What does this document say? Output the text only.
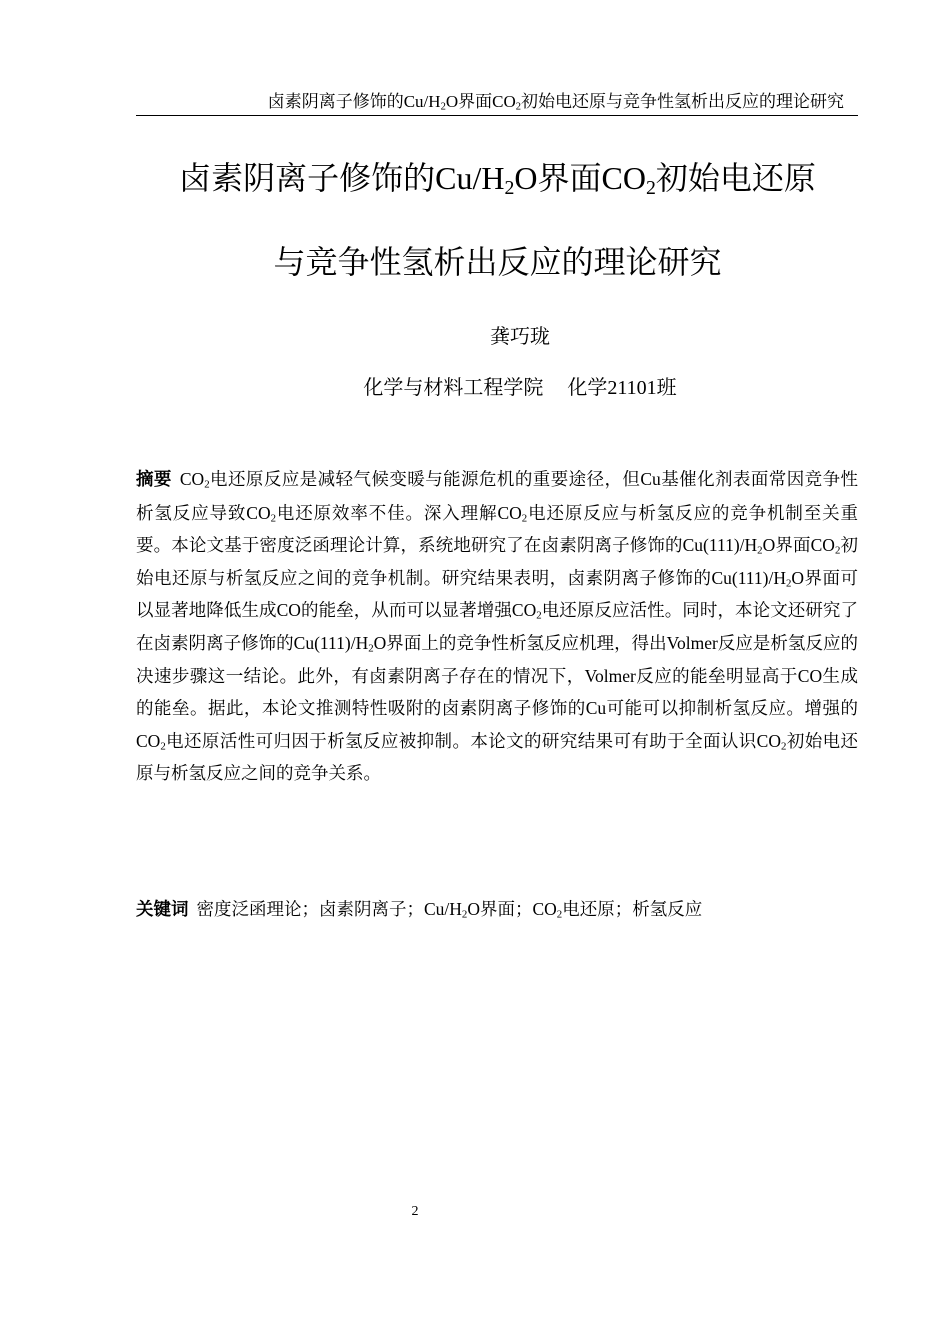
卤素阴离子修饰的$Cu/H_2O$界面$CO_2$初始电还原与竞争性氢析出反应的理论研究
卤素阴离子修饰的$Cu/H_2O$界面$CO_2$初始电还原
与竞争性氢析出反应的理论研究
龚巧珑
化学与材料工程学院 化学21101班

摘要 $CO_2$电还原反应是减轻气候变暖与能源危机的重要途径，但Cu基催化剂表面常因竞争性析氢反应导致$CO_2$电还原效率不佳。深入理解$CO_2$电还原反应与析氢反应的竞争机制至关重要。本论文基于密度泛函理论计算，系统地研究了在卤素阴离子修饰的$Cu(111)/H_2O$界面$CO_2$初始电还原与析氢反应之间的竞争机制。研究结果表明，卤素阴离子修饰的$Cu(111)/H_2O$界面可以显著地降低生成CO的能垒，从而可以显著增强$CO_2$电还原反应活性。同时，本论文还研究了在卤素阴离子修饰的$Cu(111)/H_2O$界面上的竞争性析氢反应机理，得出Volmer反应是析氢反应的决速步骤这一结论。此外，有卤素阴离子存在的情况下，Volmer反应的能垒明显高于CO生成的能垒。据此，本论文推测特性吸附的卤素阴离子修饰的Cu可能可以抑制析氢反应。增强的$CO_2$电还原活性可归因于析氢反应被抑制。本论文的研究结果可有助于全面认识$CO_2$初始电还原与析氢反应之间的竞争关系。

关键词 密度泛函理论；卤素阴离子；$Cu/H_2O$界面；$CO_2$电还原；析氢反应

2
